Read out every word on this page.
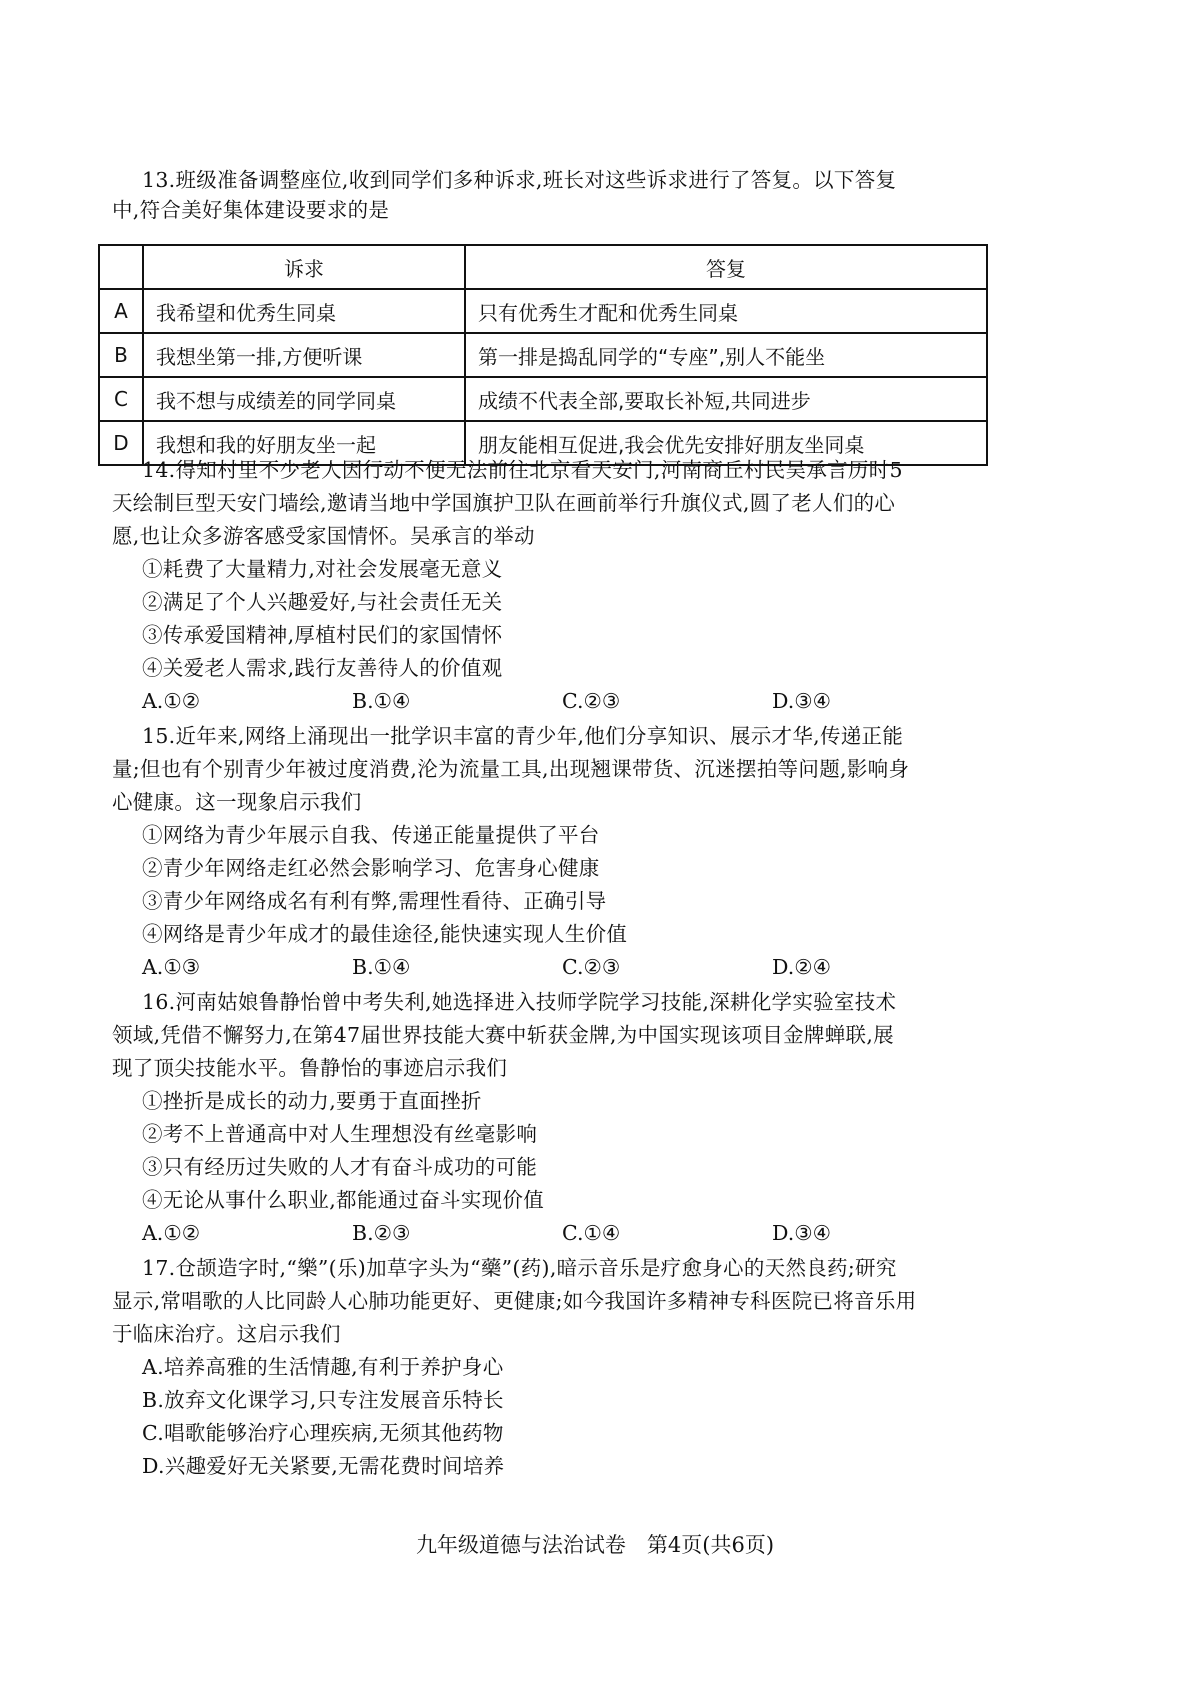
13.班级准备调整座位,收到同学们多种诉求,班长对这些诉求进行了答复。以下答复
中,符合美好集体建设要求的是
	诉求	答复
A	我希望和优秀生同桌	只有优秀生才配和优秀生同桌
B	我想坐第一排,方便听课	第一排是捣乱同学的“专座”,别人不能坐
C	我不想与成绩差的同学同桌	成绩不代表全部,要取长补短,共同进步
D	我想和我的好朋友坐一起	朋友能相互促进,我会优先安排好朋友坐同桌
14.得知村里不少老人因行动不便无法前往北京看天安门,河南商丘村民吴承言历时5
天绘制巨型天安门墙绘,邀请当地中学国旗护卫队在画前举行升旗仪式,圆了老人们的心
愿,也让众多游客感受家国情怀。吴承言的举动
①耗费了大量精力,对社会发展毫无意义
②满足了个人兴趣爱好,与社会责任无关
③传承爱国精神,厚植村民们的家国情怀
④关爱老人需求,践行友善待人的价值观
A.①②	B.①④	C.②③	D.③④
15.近年来,网络上涌现出一批学识丰富的青少年,他们分享知识、展示才华,传递正能
量;但也有个别青少年被过度消费,沦为流量工具,出现翘课带货、沉迷摆拍等问题,影响身
心健康。这一现象启示我们
①网络为青少年展示自我、传递正能量提供了平台
②青少年网络走红必然会影响学习、危害身心健康
③青少年网络成名有利有弊,需理性看待、正确引导
④网络是青少年成才的最佳途径,能快速实现人生价值
A.①③	B.①④	C.②③	D.②④
16.河南姑娘鲁静怡曾中考失利,她选择进入技师学院学习技能,深耕化学实验室技术
领域,凭借不懈努力,在第47届世界技能大赛中斩获金牌,为中国实现该项目金牌蝉联,展
现了顶尖技能水平。鲁静怡的事迹启示我们
①挫折是成长的动力,要勇于直面挫折
②考不上普通高中对人生理想没有丝毫影响
③只有经历过失败的人才有奋斗成功的可能
④无论从事什么职业,都能通过奋斗实现价值
A.①②	B.②③	C.①④	D.③④
17.仓颉造字时,“樂”(乐)加草字头为“藥”(药),暗示音乐是疗愈身心的天然良药;研究
显示,常唱歌的人比同龄人心肺功能更好、更健康;如今我国许多精神专科医院已将音乐用
于临床治疗。这启示我们
A.培养高雅的生活情趣,有利于养护身心
B.放弃文化课学习,只专注发展音乐特长
C.唱歌能够治疗心理疾病,无须其他药物
D.兴趣爱好无关紧要,无需花费时间培养
九年级道德与法治试卷　第4页(共6页)
